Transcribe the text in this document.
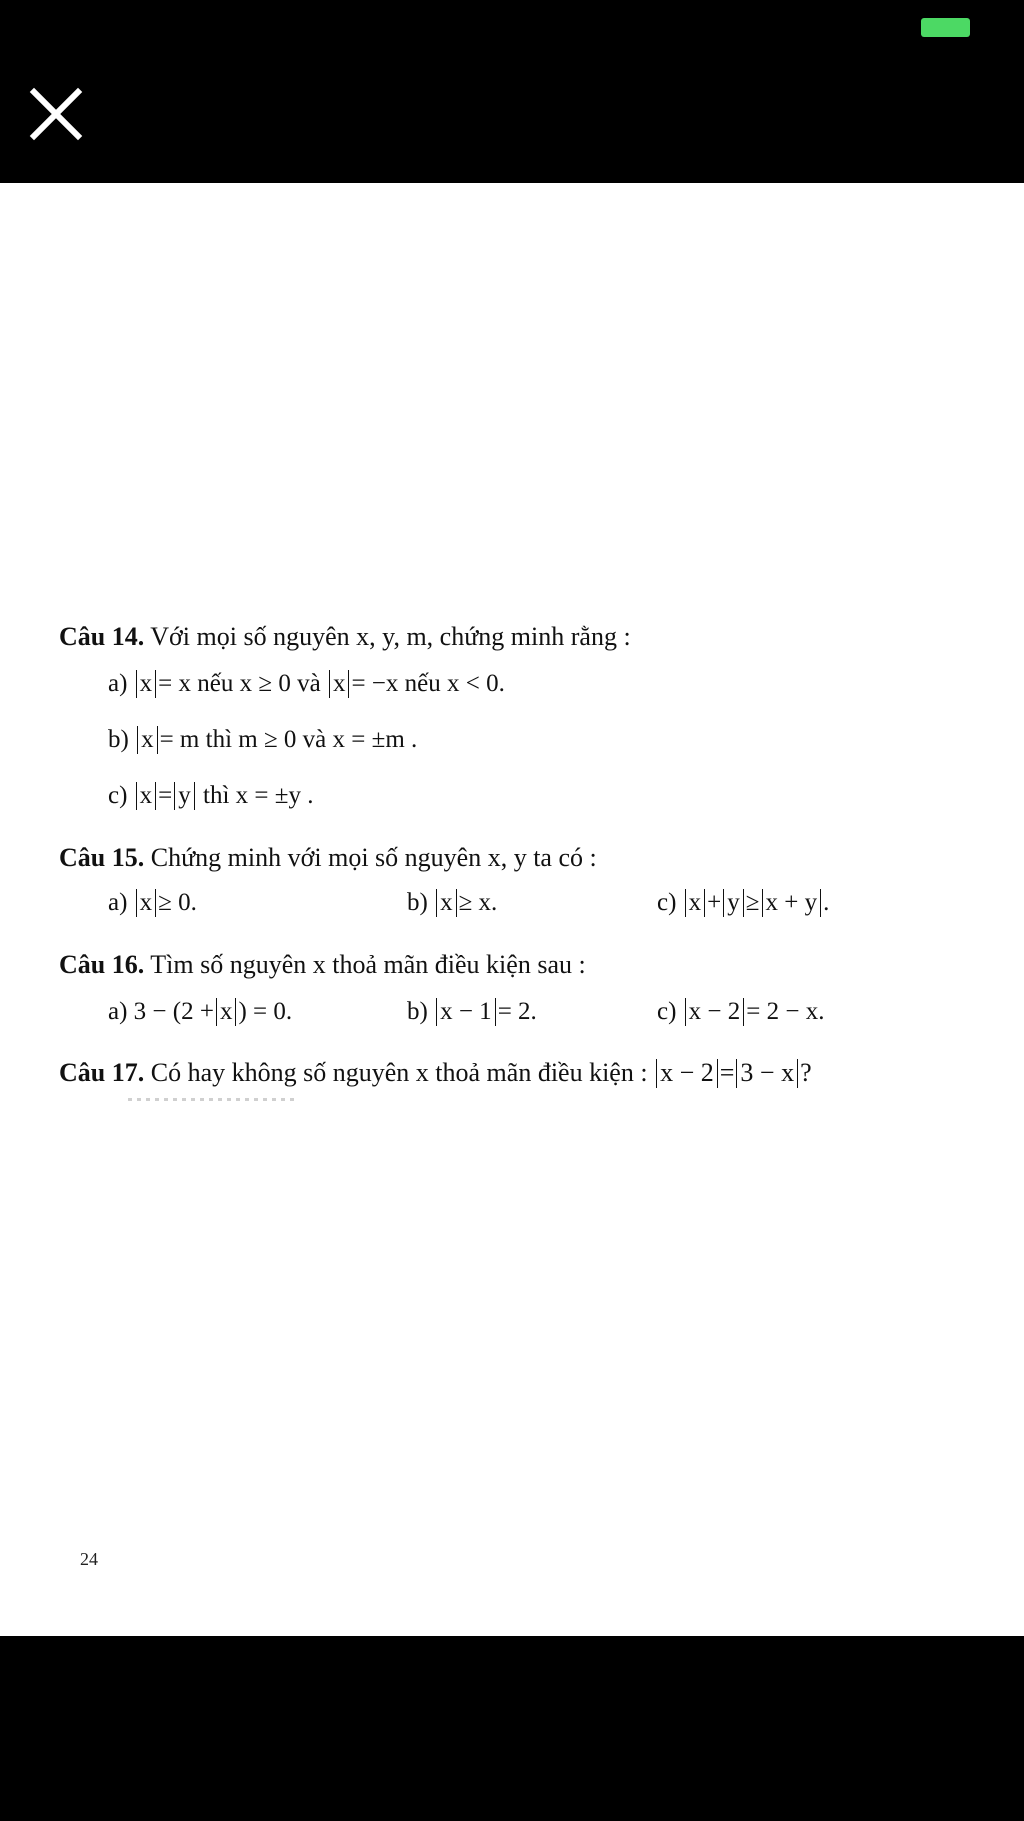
Câu 14. Với mọi số nguyên x, y, m, chứng minh rằng :
a) x = x nếu x ≥ 0 và x = −x nếu x < 0.
b) x = m thì m ≥ 0 và x = ±m .
c) x = y thì x = ±y .
Câu 15. Chứng minh với mọi số nguyên x, y ta có :
a) x ≥ 0.	b) x ≥ x.	c) x + y ≥ x + y .
Câu 16. Tìm số nguyên x thoả mãn điều kiện sau :
a) 3 − (2 + x ) = 0.	b) x − 1 = 2.	c) x − 2 = 2 − x.
Câu 17. Có hay không số nguyên x thoả mãn điều kiện : x − 2 = 3 − x ?
